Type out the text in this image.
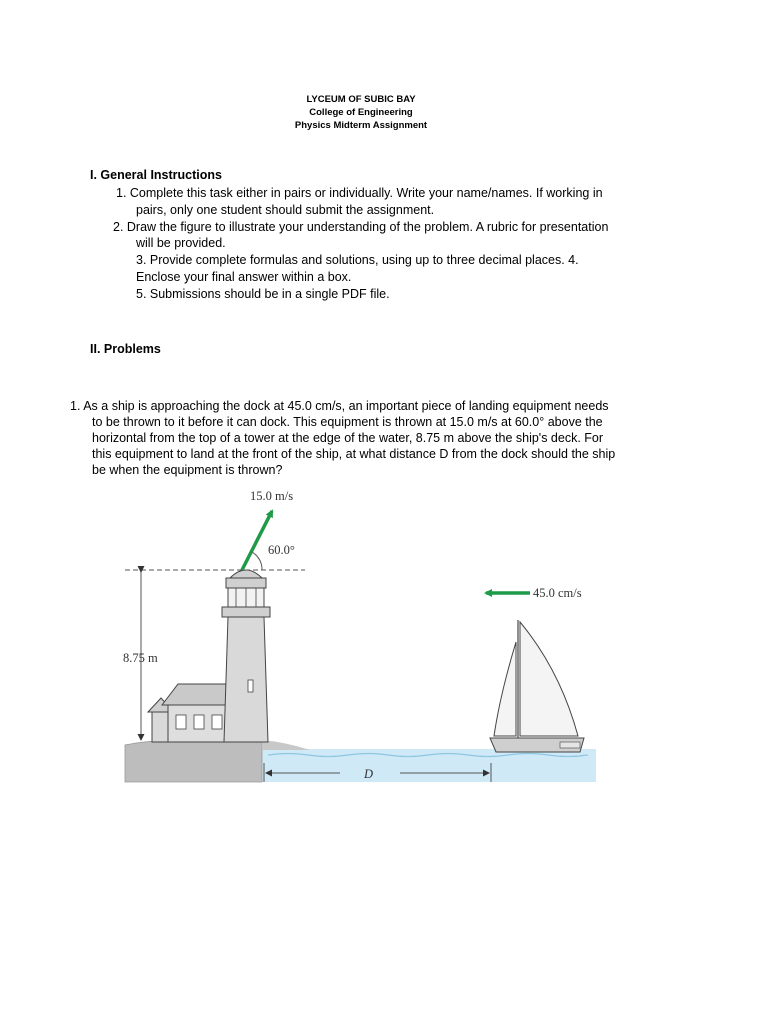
LYCEUM OF SUBIC BAY
College of Engineering
Physics Midterm Assignment
I. General Instructions
1. Complete this task either in pairs or individually. Write your name/names. If working in
pairs, only one student should submit the assignment.
2. Draw the figure to illustrate your understanding of the problem. A rubric for presentation
will be provided.
3. Provide complete formulas and solutions, using up to three decimal places. 4.
Enclose your final answer within a box.
5. Submissions should be in a single PDF file.
II. Problems
1. As a ship is approaching the dock at 45.0 cm/s, an important piece of landing equipment needs
to be thrown to it before it can dock. This equipment is thrown at 15.0 m/s at 60.0° above the
horizontal from the top of a tower at the edge of the water, 8.75 m above the ship's deck. For
this equipment to land at the front of the ship, at what distance D from the dock should the ship
be when the equipment is thrown?
8.75 m
15.0 m/s
60.0°
45.0 cm/s
D
